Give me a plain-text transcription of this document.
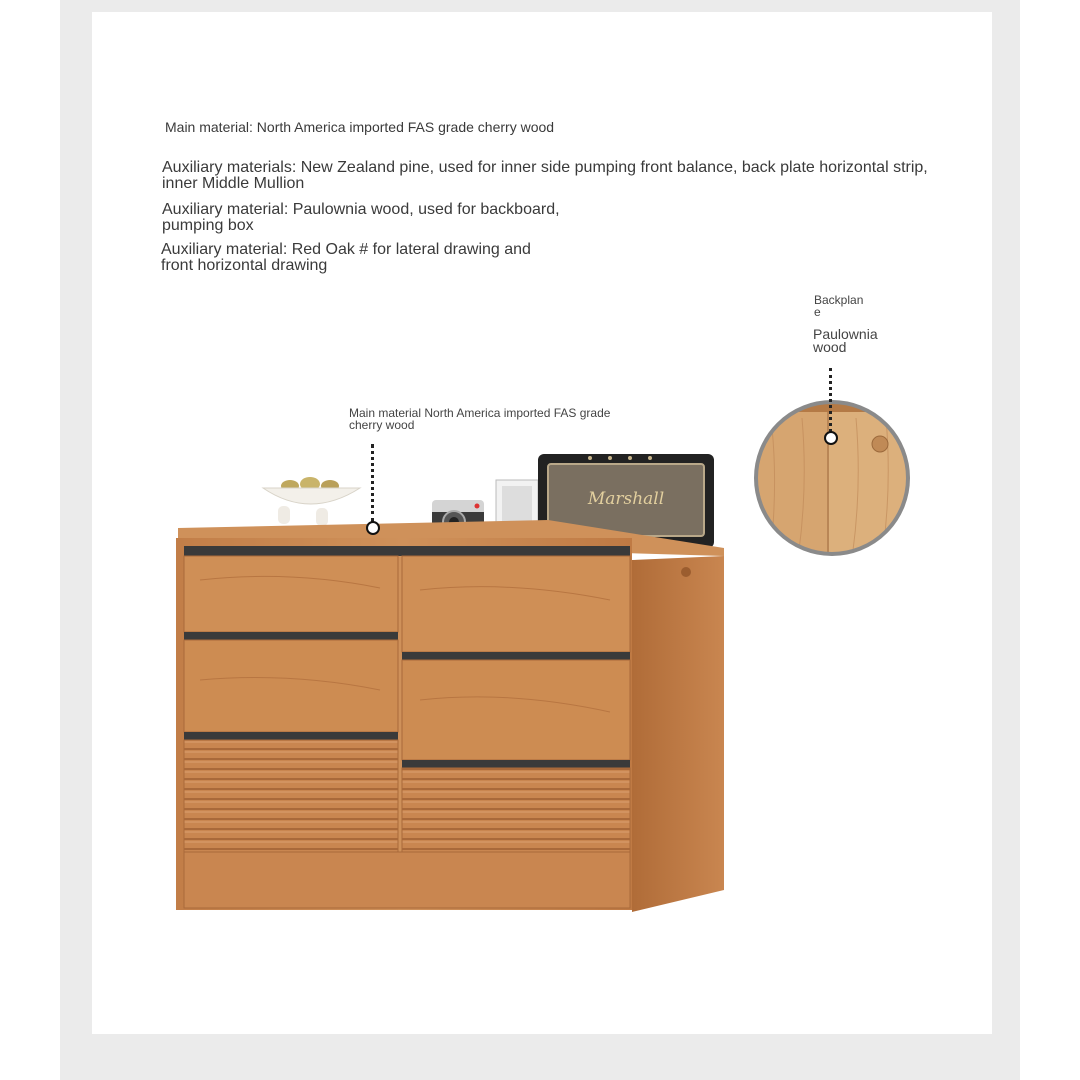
Main material: North America imported FAS grade cherry wood

Auxiliary materials: New Zealand pine, used for inner side pumping front balance, back plate horizontal strip, inner Middle Mullion

Auxiliary material: Paulownia wood, used for backboard, pumping box

Auxiliary material: Red Oak # for lateral drawing and front horizontal drawing

Main material North America imported FAS grade cherry wood
Backplane
Paulownia wood
Marshall
